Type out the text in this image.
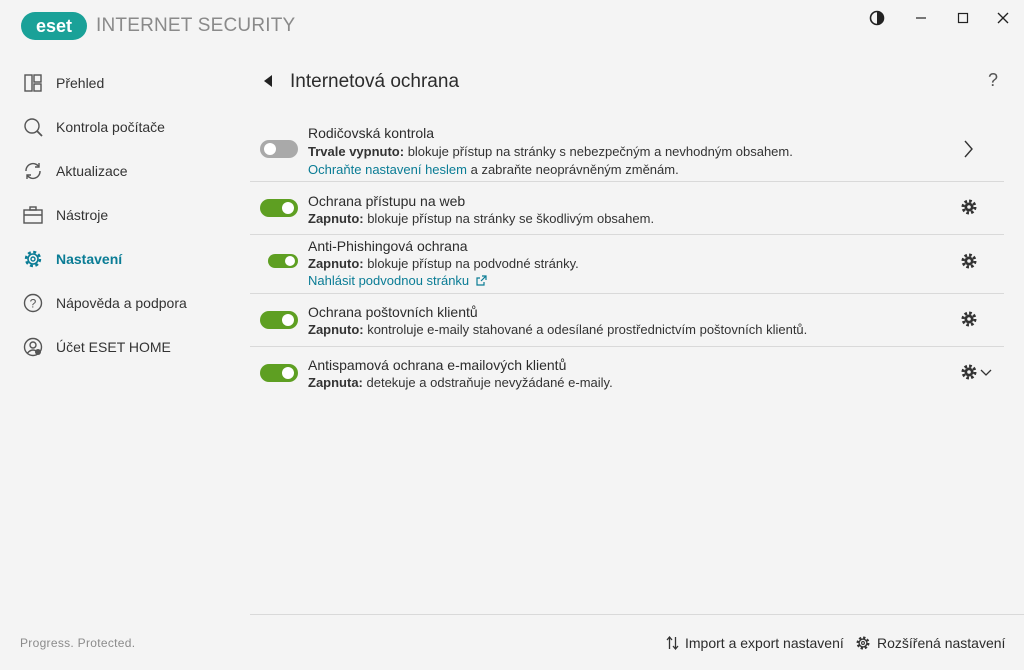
eset INTERNET SECURITY
Přehled
Kontrola počítače
Aktualizace
Nástroje
Nastavení
? Nápověda a podpora
Účet ESET HOME
Progress. Protected.
Internetová ochrana	?
Rodičovská kontrola
Trvale vypnuto: blokuje přístup na stránky s nebezpečným a nevhodným obsahem.
Ochraňte nastavení heslem a zabraňte neoprávněným změnám.
Ochrana přístupu na web
Zapnuto: blokuje přístup na stránky se škodlivým obsahem.
Anti-Phishingová ochrana
Zapnuto: blokuje přístup na podvodné stránky.
Nahlásit podvodnou stránku
Ochrana poštovních klientů
Zapnuto: kontroluje e-maily stahované a odesílané prostřednictvím poštovních klientů.
Antispamová ochrana e-mailových klientů
Zapnuta: detekuje a odstraňuje nevyžádané e-maily.
Import a export nastavení Rozšířená nastavení
